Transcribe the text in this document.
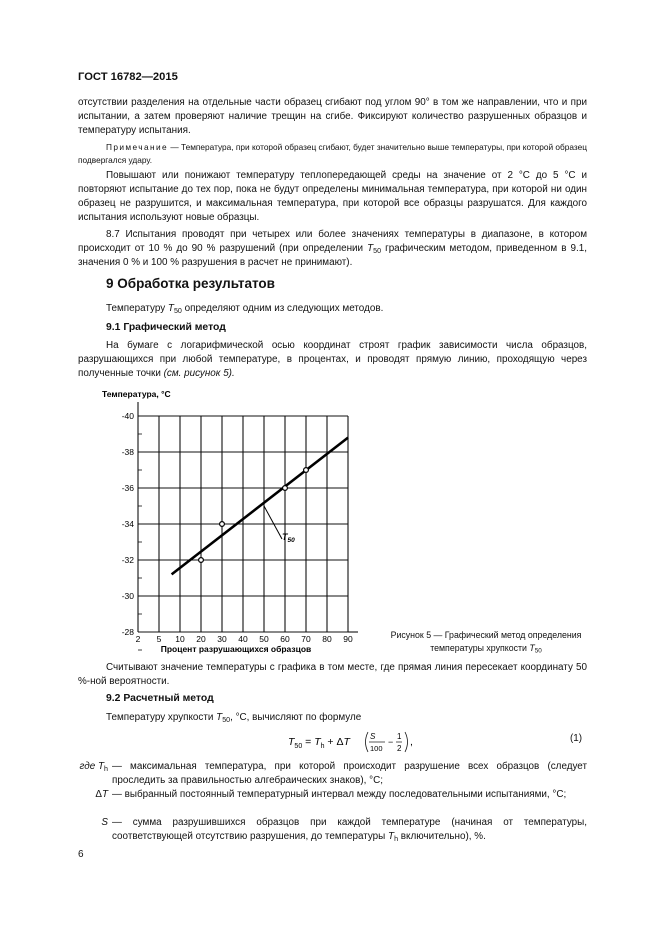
ГОСТ 16782—2015

отсутствии разделения на отдельные части образец сгибают под углом 90° в том же направлении, что и при испытании, а затем проверяют наличие трещин на сгибе. Фиксируют количество разрушенных образцов и температуру испытания.

Примечание — Температура, при которой образец сгибают, будет значительно выше температуры, при которой образец подвергался удару.

Повышают или понижают температуру теплопередающей среды на значение от 2 °С до 5 °С и повторяют испытание до тех пор, пока не будут определены минимальная температура, при которой ни один образец не разрушится, и максимальная температура, при которой все образцы разрушатся. Для каждого испытания используют новые образцы.

8.7 Испытания проводят при четырех или более значениях температуры в диапазоне, в котором происходит от 10 % до 90 % разрушений (при определении $T_{50}$ графическим методом, приведенном в 9.1, значения 0 % и 100 % разрушения в расчет не принимают).

9 Обработка результатов

Температуру $T_{50}$ определяют одним из следующих методов.

9.1 Графический метод

На бумаге с логарифмической осью координат строят график зависимости числа образцов, разрушающихся при любой температуре, в процентах, и проводят прямую линию, проходящую через полученные точки (см. рисунок 5).

Температура, °С
-40
-38
-36
-34
-32
-30
-28
2 5 10 20 30 40 50 60 70 80 90
$T_{50}$
Процент разрушающихся образцов
Рисунок 5 — Графический метод определения температуры хрупкости $T_{50}$

Считывают значение температуры с графика в том месте, где прямая линия пересекает координату 50 %-ной вероятности.

9.2 Расчетный метод

Температуру хрупкости $T_{50}$, °С, вычисляют по формуле

$T_{50} = T_h + \Delta T$	S
100
−
1
2
,	(1)
где $T_h$ — максимальная температура, при которой происходит разрушение всех образцов (следует проследить за правильностью алгебраических знаков), °С;
ΔT — выбранный постоянный температурный интервал между последовательными испытаниями, °С;
S — сумма разрушившихся образцов при каждой температуре (начиная от температуры, соответствующей отсутствию разрушения, до температуры $T_h$ включительно), %.
6
